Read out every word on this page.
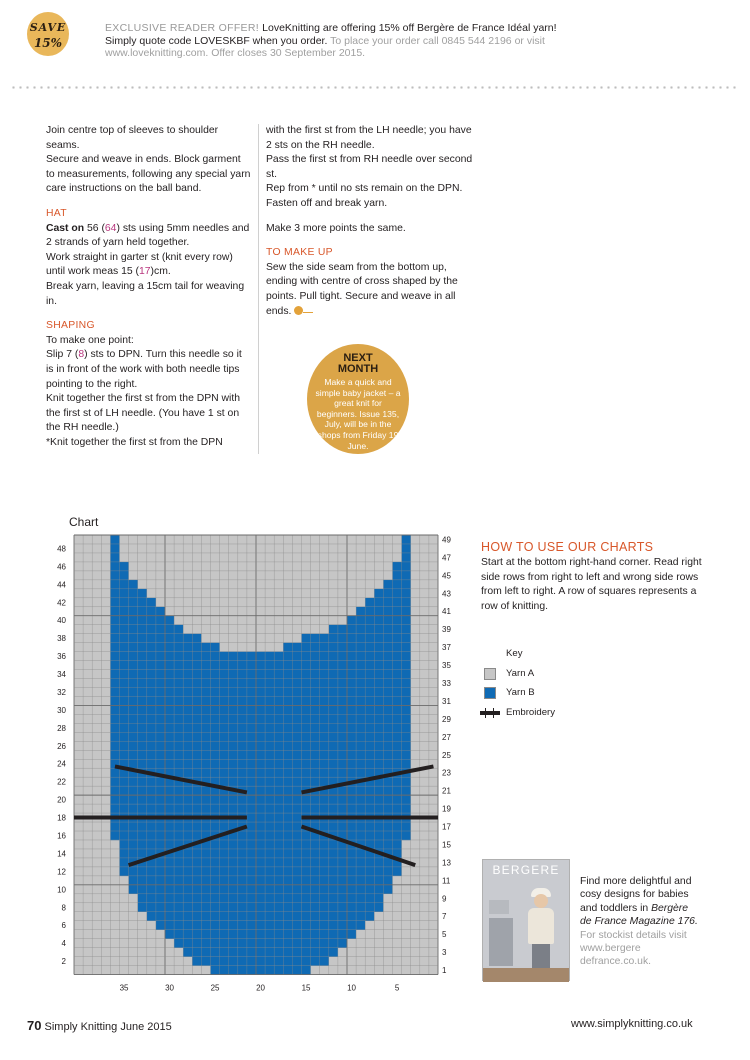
SAVE
15%
EXCLUSIVE READER OFFER! LoveKnitting are offering 15% off Bergère de France Idéal yarn!
Simply quote code LOVESKBF when you order. To place your order call 0845 544 2196 or visit
www.loveknitting.com. Offer closes 30 September 2015.

Join centre top of sleeves to shoulder seams.

Secure and weave in ends. Block garment to measurements, following any special yarn care instructions on the ball band.

HAT

Cast on 56 (64) sts using 5mm needles and 2 strands of yarn held together.

Work straight in garter st (knit every row) until work meas 15 (17)cm.

Break yarn, leaving a 15cm tail for weaving in.

SHAPING

To make one point:

Slip 7 (8) sts to DPN. Turn this needle so it is in front of the work with both needle tips pointing to the right.

Knit together the first st from the DPN with the first st of LH needle. (You have 1 st on the RH needle.)

*Knit together the first st from the DPN

with the first st from the LH needle; you have 2 sts on the RH needle.

Pass the first st from RH needle over second st.

Rep from * until no sts remain on the DPN. Fasten off and break yarn.

Make 3 more points the same.

TO MAKE UP

Sew the side seam from the bottom up, ending with centre of cross shaped by the points. Pull tight. Secure and weave in all ends.

NEXT
MONTH
Make a quick and simple baby jacket – a great knit for beginners. Issue 135, July, will be in the shops from Friday 19 June.
Chart
2
4
6
8
10
12
14
16
18
20
22
24
26
28
30
32
34
36
38
40
42
44
46
48
1
3
5
7
9
11
13
15
17
19
21
23
25
27
29
31
33
35
37
39
41
43
45
47
49
35	30	25	20	15	10	5
HOW TO USE OUR CHARTS
Start at the bottom right-hand corner. Read right side rows from right to left and wrong side rows from left to right. A row of squares represents a row of knitting.
Key
Yarn A
Yarn B
Embroidery
BERGERE
Find more delightful and cosy designs for babies and toddlers in Bergère de France Magazine 176.
For stockist details visit www.bergere defrance.co.uk.
70 Simply Knitting June 2015	www.simplyknitting.co.uk
